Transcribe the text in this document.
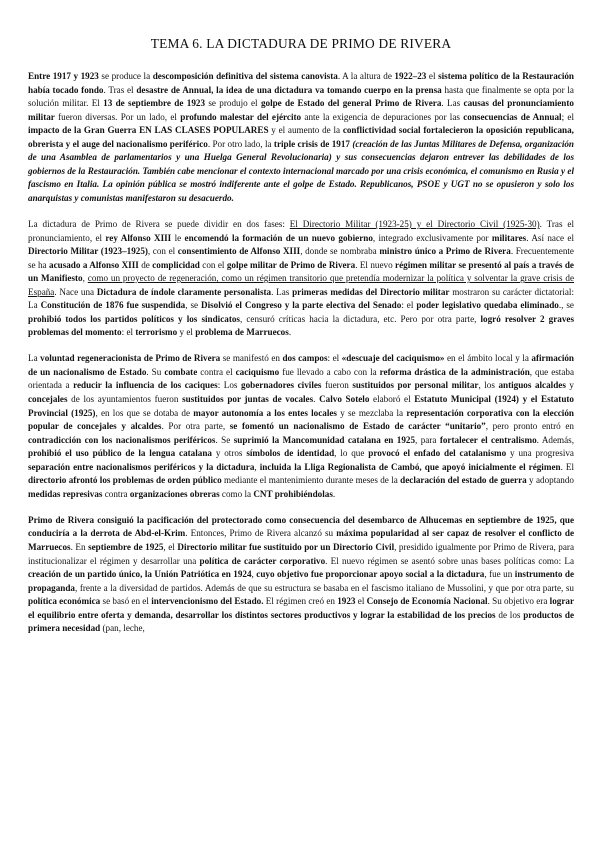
TEMA 6. LA DICTADURA DE PRIMO DE RIVERA

Entre 1917 y 1923 se produce la descomposición definitiva del sistema canovista. A la altura de 1922–23 el sistema político de la Restauración había tocado fondo. Tras el desastre de Annual, la idea de una dictadura va tomando cuerpo en la prensa hasta que finalmente se opta por la solución militar. El 13 de septiembre de 1923 se produjo el golpe de Estado del general Primo de Rivera. Las causas del pronunciamiento militar fueron diversas. Por un lado, el profundo malestar del ejército ante la exigencia de depuraciones por las consecuencias de Annual; el impacto de la Gran Guerra EN LAS CLASES POPULARES y el aumento de la conflictividad social fortalecieron la oposición republicana, obrerista y el auge del nacionalismo periférico. Por otro lado, la triple crisis de 1917 (creación de las Juntas Militares de Defensa, organización de una Asamblea de parlamentarios y una Huelga General Revolucionaria) y sus consecuencias dejaron entrever las debilidades de los gobiernos de la Restauración. También cabe mencionar el contexto internacional marcado por una crisis económica, el comunismo en Rusia y el fascismo en Italia. La opinión pública se mostró indiferente ante el golpe de Estado. Republicanos, PSOE y UGT no se opusieron y solo los anarquistas y comunistas manifestaron su desacuerdo.

La dictadura de Primo de Rivera se puede dividir en dos fases: El Directorio Militar (1923-25) y el Directorio Civil (1925-30). Tras el pronunciamiento, el rey Alfonso XIII le encomendó la formación de un nuevo gobierno, integrado exclusivamente por militares. Así nace el Directorio Militar (1923–1925), con el consentimiento de Alfonso XIII, donde se nombraba ministro único a Primo de Rivera. Frecuentemente se ha acusado a Alfonso XIII de complicidad con el golpe militar de Primo de Rivera. El nuevo régimen militar se presentó al país a través de un Manifiesto, como un proyecto de regeneración, como un régimen transitorio que pretendía modernizar la política y solventar la grave crisis de España. Nace una Dictadura de índole claramente personalista. Las primeras medidas del Directorio militar mostraron su carácter dictatorial: La Constitución de 1876 fue suspendida, se Disolvió el Congreso y la parte electiva del Senado: el poder legislativo quedaba eliminado., se prohibió todos los partidos políticos y los sindicatos, censuró críticas hacia la dictadura, etc. Pero por otra parte, logró resolver 2 graves problemas del momento: el terrorismo y el problema de Marruecos.

La voluntad regeneracionista de Primo de Rivera se manifestó en dos campos: el «descuaje del caciquismo» en el ámbito local y la afirmación de un nacionalismo de Estado. Su combate contra el caciquismo fue llevado a cabo con la reforma drástica de la administración, que estaba orientada a reducir la influencia de los caciques: Los gobernadores civiles fueron sustituidos por personal militar, los antiguos alcaldes y concejales de los ayuntamientos fueron sustituidos por juntas de vocales. Calvo Sotelo elaboró el Estatuto Municipal (1924) y el Estatuto Provincial (1925), en los que se dotaba de mayor autonomía a los entes locales y se mezclaba la representación corporativa con la elección popular de concejales y alcaldes. Por otra parte, se fomentó un nacionalismo de Estado de carácter “unitario”, pero pronto entró en contradicción con los nacionalismos periféricos. Se suprimió la Mancomunidad catalana en 1925, para fortalecer el centralismo. Además, prohibió el uso público de la lengua catalana y otros símbolos de identidad, lo que provocó el enfado del catalanismo y una progresiva separación entre nacionalismos periféricos y la dictadura, incluida la Lliga Regionalista de Cambó, que apoyó inicialmente el régimen. El directorio afrontó los problemas de orden público mediante el mantenimiento durante meses de la declaración del estado de guerra y adoptando medidas represivas contra organizaciones obreras como la CNT prohibiéndolas.

Primo de Rivera consiguió la pacificación del protectorado como consecuencia del desembarco de Alhucemas en septiembre de 1925, que conduciría a la derrota de Abd-el-Krim. Entonces, Primo de Rivera alcanzó su máxima popularidad al ser capaz de resolver el conflicto de Marruecos. En septiembre de 1925, el Directorio militar fue sustituido por un Directorio Civil, presidido igualmente por Primo de Rivera, para institucionalizar el régimen y desarrollar una política de carácter corporativo. El nuevo régimen se asentó sobre unas bases políticas como: La creación de un partido único, la Unión Patriótica en 1924, cuyo objetivo fue proporcionar apoyo social a la dictadura, fue un instrumento de propaganda, frente a la diversidad de partidos. Además de que su estructura se basaba en el fascismo italiano de Mussolini, y que por otra parte, su política económica se basó en el intervencionismo del Estado. El régimen creó en 1923 el Consejo de Economía Nacional. Su objetivo era lograr el equilibrio entre oferta y demanda, desarrollar los distintos sectores productivos y lograr la estabilidad de los precios de los productos de primera necesidad (pan, leche,
